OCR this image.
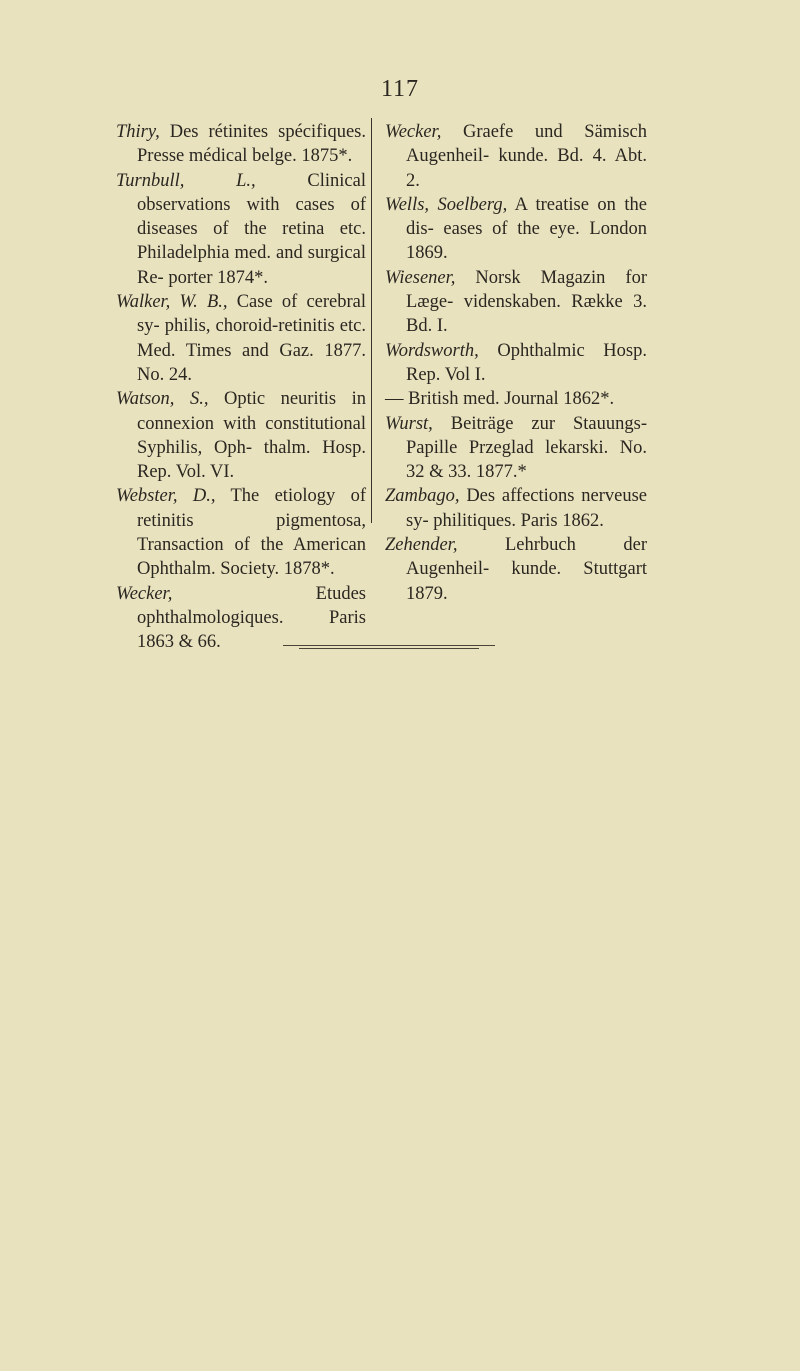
117

Thiry, Des rétinites spécifiques. Presse médical belge. 1875*.

Turnbull, L., Clinical observations with cases of diseases of the retina etc. Philadelphia med. and surgical Re- porter 1874*.

Walker, W. B., Case of cerebral sy- philis, choroid-retinitis etc. Med. Times and Gaz. 1877. No. 24.

Watson, S., Optic neuritis in connexion with constitutional Syphilis, Oph- thalm. Hosp. Rep. Vol. VI.

Webster, D., The etiology of retinitis pigmentosa, Transaction of the American Ophthalm. Society. 1878*.

Wecker, Etudes ophthalmologiques. Paris 1863 & 66.

Wecker, Graefe und Sämisch Augenheil- kunde. Bd. 4. Abt. 2.

Wells, Soelberg, A treatise on the dis- eases of the eye. London 1869.

Wiesener, Norsk Magazin for Læge- videnskaben. Række 3. Bd. I.

Wordsworth, Ophthalmic Hosp. Rep. Vol I.

— British med. Journal 1862*.

Wurst, Beiträge zur Stauungs-Papille Przeglad lekarski. No. 32 & 33. 1877.*

Zambago, Des affections nerveuse sy- philitiques. Paris 1862.

Zehender, Lehrbuch der Augenheil- kunde. Stuttgart 1879.
